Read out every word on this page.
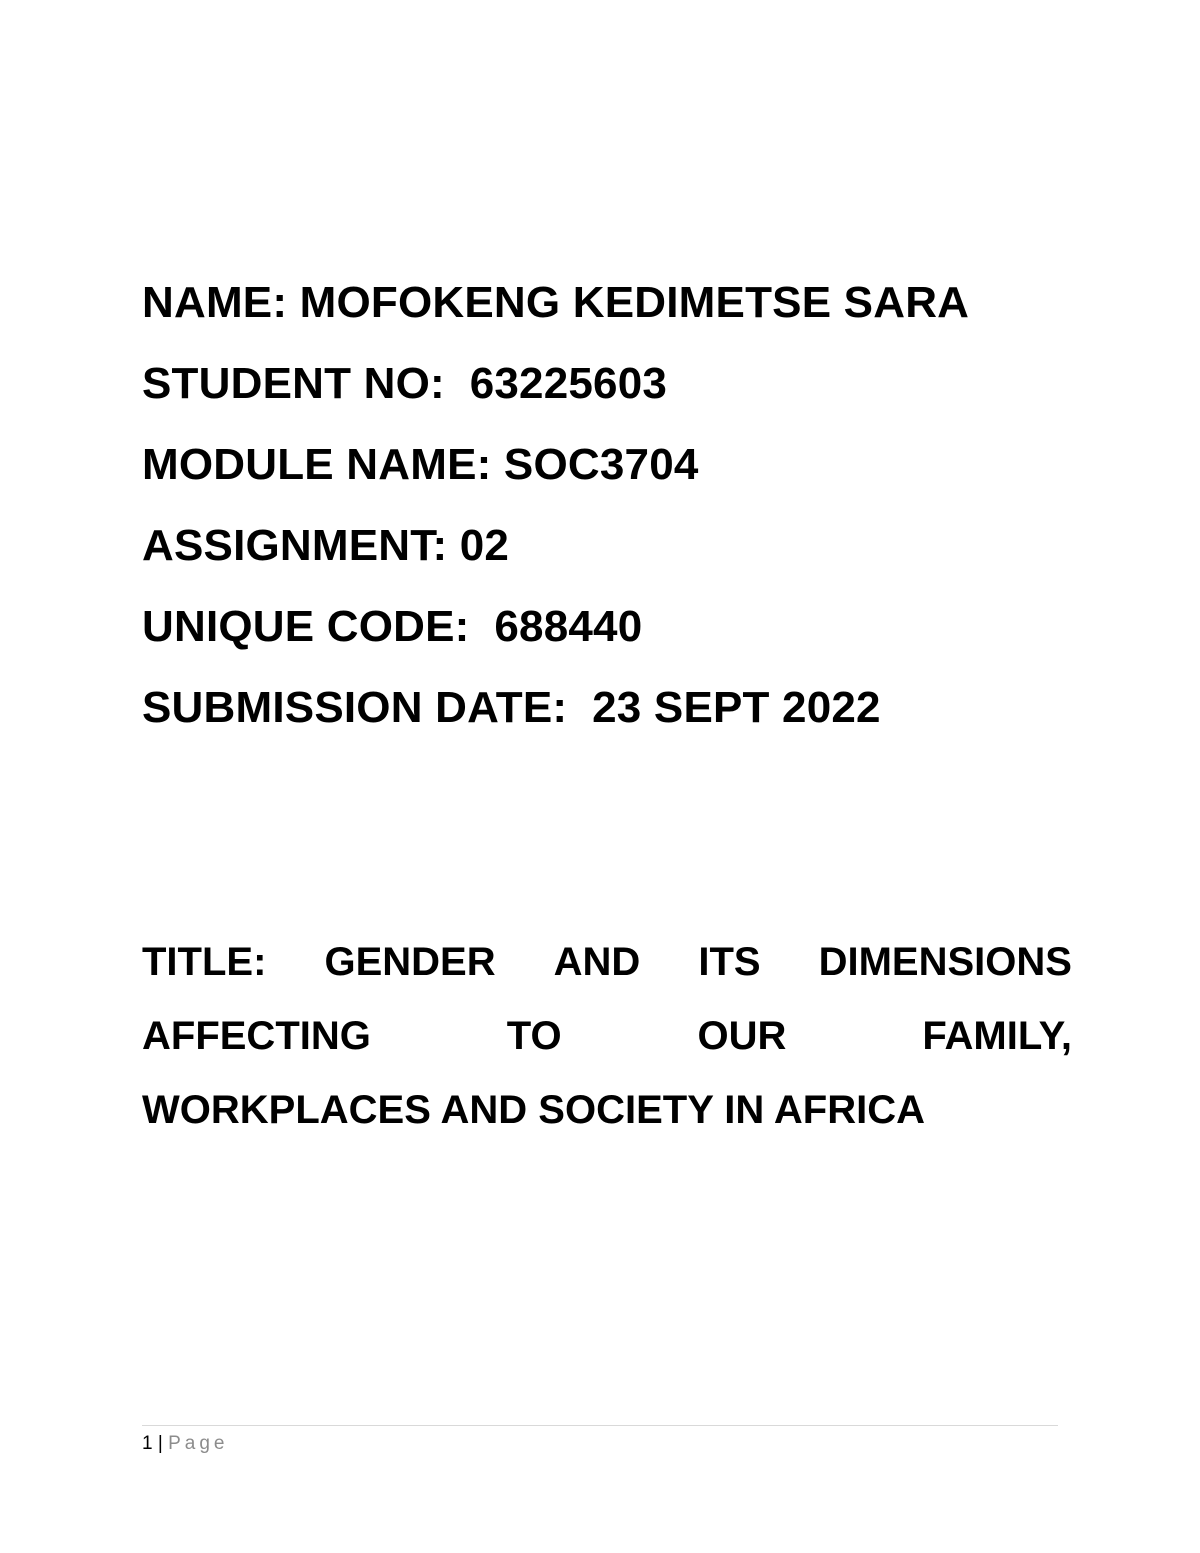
NAME: MOFOKENG KEDIMETSE SARA
STUDENT NO:  63225603
MODULE NAME: SOC3704
ASSIGNMENT: 02
UNIQUE CODE:  688440
SUBMISSION DATE:  23 SEPT 2022
TITLE: GENDER AND ITS DIMENSIONS
AFFECTING	TO	OUR	FAMILY,
WORKPLACES AND SOCIETY IN AFRICA
1 | Page
